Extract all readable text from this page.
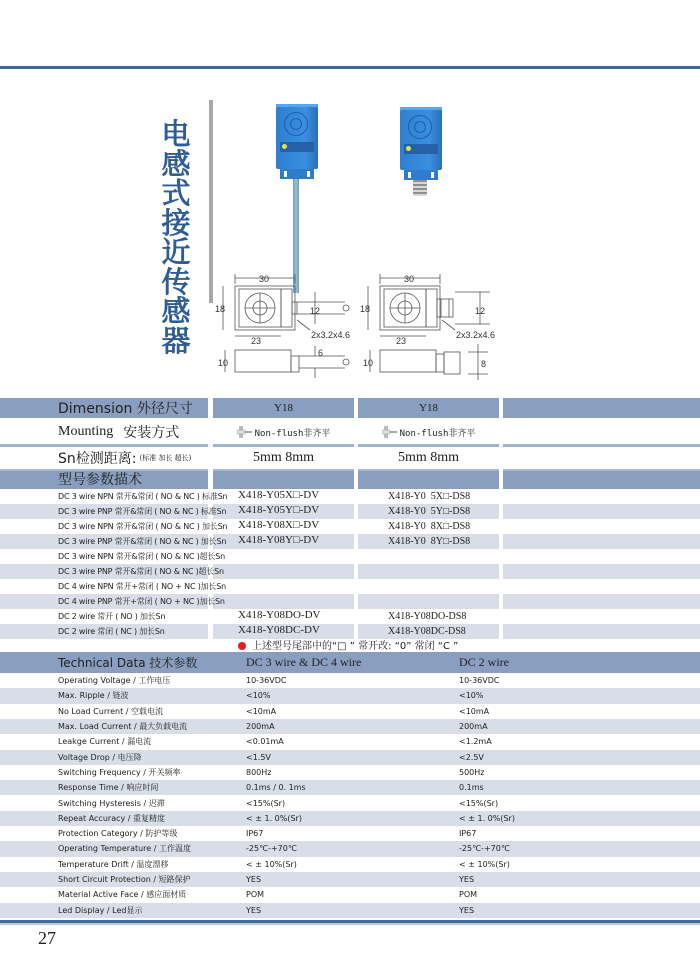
电
感
式
接
近
传
感
器
30
18
23
12
2x3.2x4.6
10
6
30
18
23
12
2x3.2x4.6
10	8
Dimension 外径尺寸	Y18	Y18
Mounting 安装方式	Non-flush非齐平	Non-flush非齐平
Sn检测距离: (标准 加长 超长)	5mm 8mm	5mm 8mm
型号参数描术
DC 3 wire NPN 常开&常闭 ( NO & NC ) 标准Sn X418-Y05X□-DV	X418-Y0  5X□-DS8
DC 3 wire PNP 常开&常闭 ( NO & NC ) 标准Sn X418-Y05Y□-DV	X418-Y0  5Y□-DS8
DC 3 wire NPN 常开&常闭 ( NO & NC ) 加长Sn X418-Y08X□-DV	X418-Y0  8X□-DS8
DC 3 wire PNP 常开&常闭 ( NO & NC ) 加长Sn X418-Y08Y□-DV	X418-Y0  8Y□-DS8
DC 3 wire NPN 常开&常闭 ( NO & NC )超长Sn
DC 3 wire PNP 常开&常闭 ( NO & NC )超长Sn
DC 4 wire NPN 常开+常闭 ( NO + NC )加长Sn
DC 4 wire PNP 常开+常闭 ( NO + NC )加长Sn
DC 2 wire 常开 ( NO ) 加长Sn	X418-Y08DO-DV	X418-Y08DO-DS8
DC 2 wire 常闭 ( NC ) 加长Sn	X418-Y08DC-DV	X418-Y08DC-DS8
上述型号尾部中的“□ ” 常开改: “0” 常闭 “C ”
Technical Data 技术参数	DC 3 wire & DC 4 wire	DC 2 wire
Operating Voltage / 工作电压	10-36VDC	10-36VDC
Max. Ripple / 链波	<10%	<10%
No Load Current / 空载电流	<10mA	<10mA
Max. Load Current / 最大负载电流	200mA	200mA
Leakge Current / 漏电流	<0.01mA	<1.2mA
Voltage Drop / 电压降	<1.5V	<2.5V
Switching Frequency / 开关频率	800Hz	500Hz
Response Time / 响应时间	0.1ms / 0. 1ms	0.1ms
Switching Hysteresis / 迟滞	<15%(Sr)	<15%(Sr)
Repeat Accuracy / 重复精度	< ± 1. 0%(Sr)	< ± 1. 0%(Sr)
Protection Category / 防护等级	IP67	IP67
Operating Temperature / 工作温度	-25℃-+70℃	-25℃-+70℃
Temperature Drift / 温度漂移	< ± 10%(Sr)	< ± 10%(Sr)
Short Circuit Protection / 短路保护	YES	YES
Material Active Face / 感应面材质	POM	POM
Led Display / Led显示	YES	YES
27
